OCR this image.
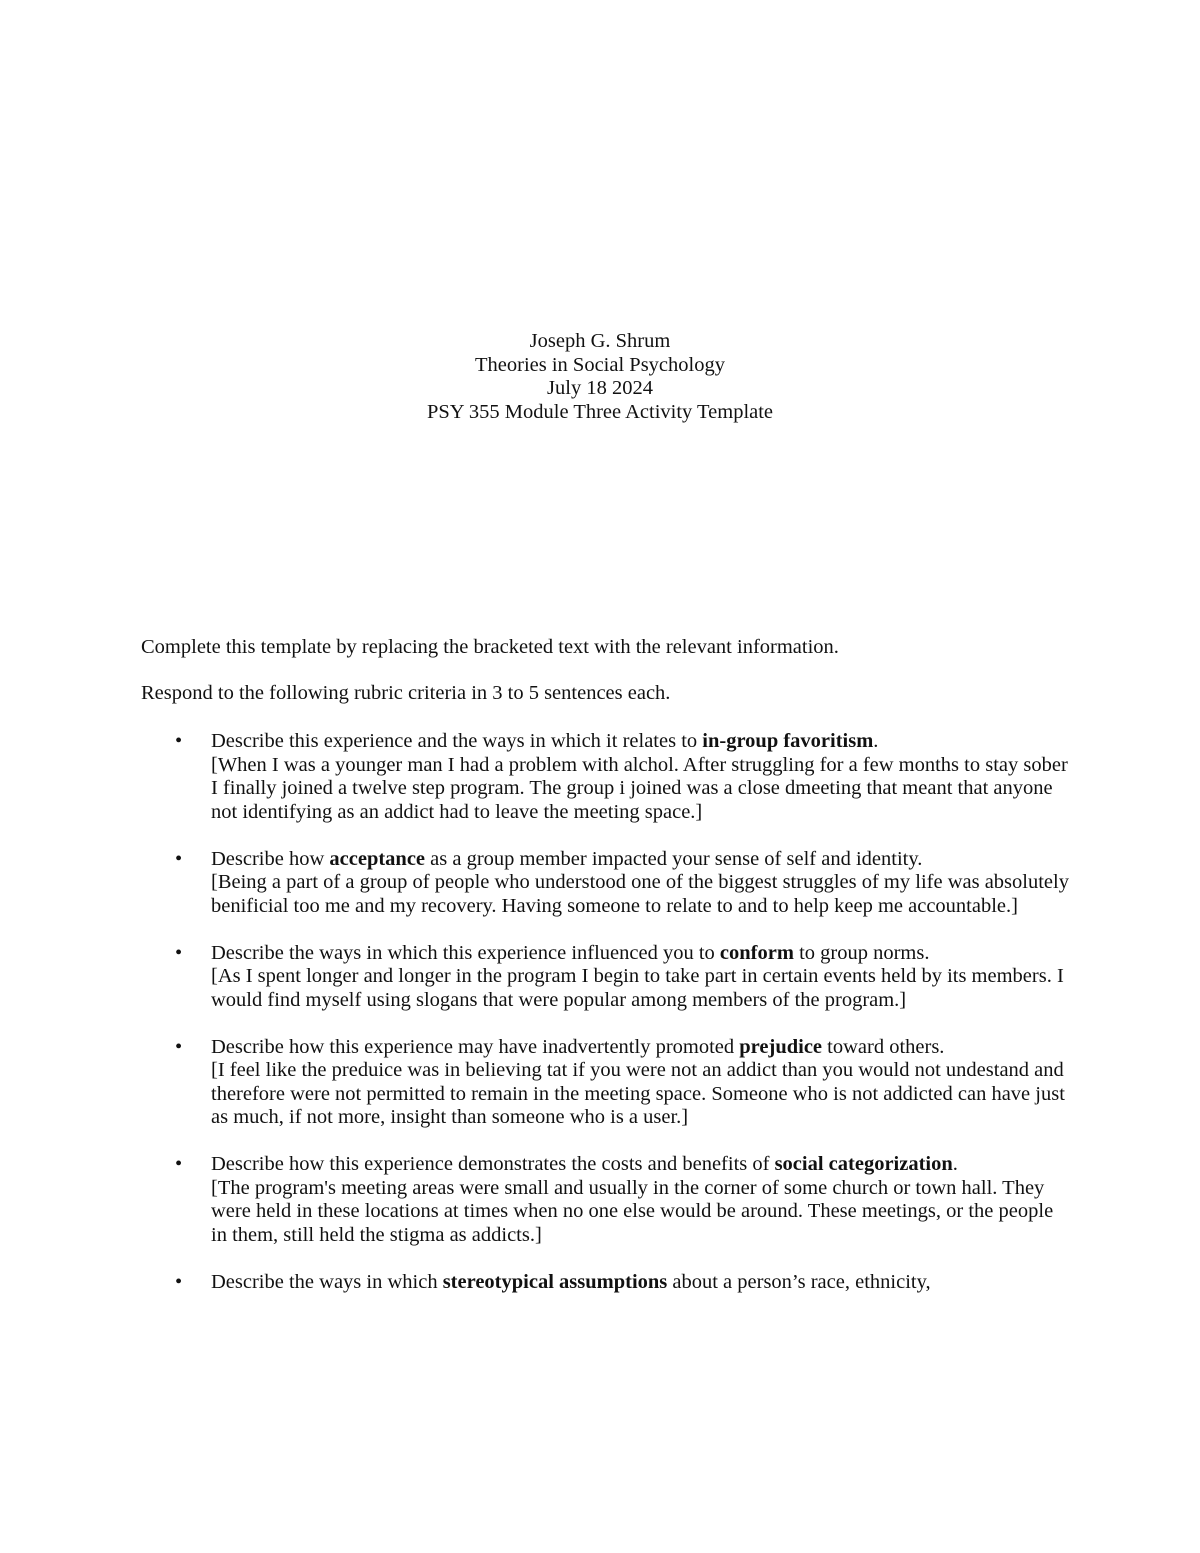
Joseph G. Shrum
Theories in Social Psychology
July 18 2024
PSY 355 Module Three Activity Template

Complete this template by replacing the bracketed text with the relevant information.

Respond to the following rubric criteria in 3 to 5 sentences each.

• Describe this experience and the ways in which it relates to in-group favoritism.
[When I was a younger man I had a problem with alchol. After struggling for a few months to stay sober I finally joined a twelve step program. The group i joined was a close dmeeting that meant that anyone not identifying as an addict had to leave the meeting space.]
• Describe how acceptance as a group member impacted your sense of self and identity.
[Being a part of a group of people who understood one of the biggest struggles of my life was absolutely benificial too me and my recovery. Having someone to relate to and to help keep me accountable.]
• Describe the ways in which this experience influenced you to conform to group norms.
[As I spent longer and longer in the program I begin to take part in certain events held by its members. I would find myself using slogans that were popular among members of the program.]
• Describe how this experience may have inadvertently promoted prejudice toward others.
[I feel like the preduice was in believing tat if you were not an addict than you would not undestand and therefore were not permitted to remain in the meeting space. Someone who is not addicted can have just as much, if not more, insight than someone who is a user.]
• Describe how this experience demonstrates the costs and benefits of social categorization.
[The program's meeting areas were small and usually in the corner of some church or town hall. They were held in these locations at times when no one else would be around. These meetings, or the people in them, still held the stigma as addicts.]
• Describe the ways in which stereotypical assumptions about a person’s race, ethnicity,
